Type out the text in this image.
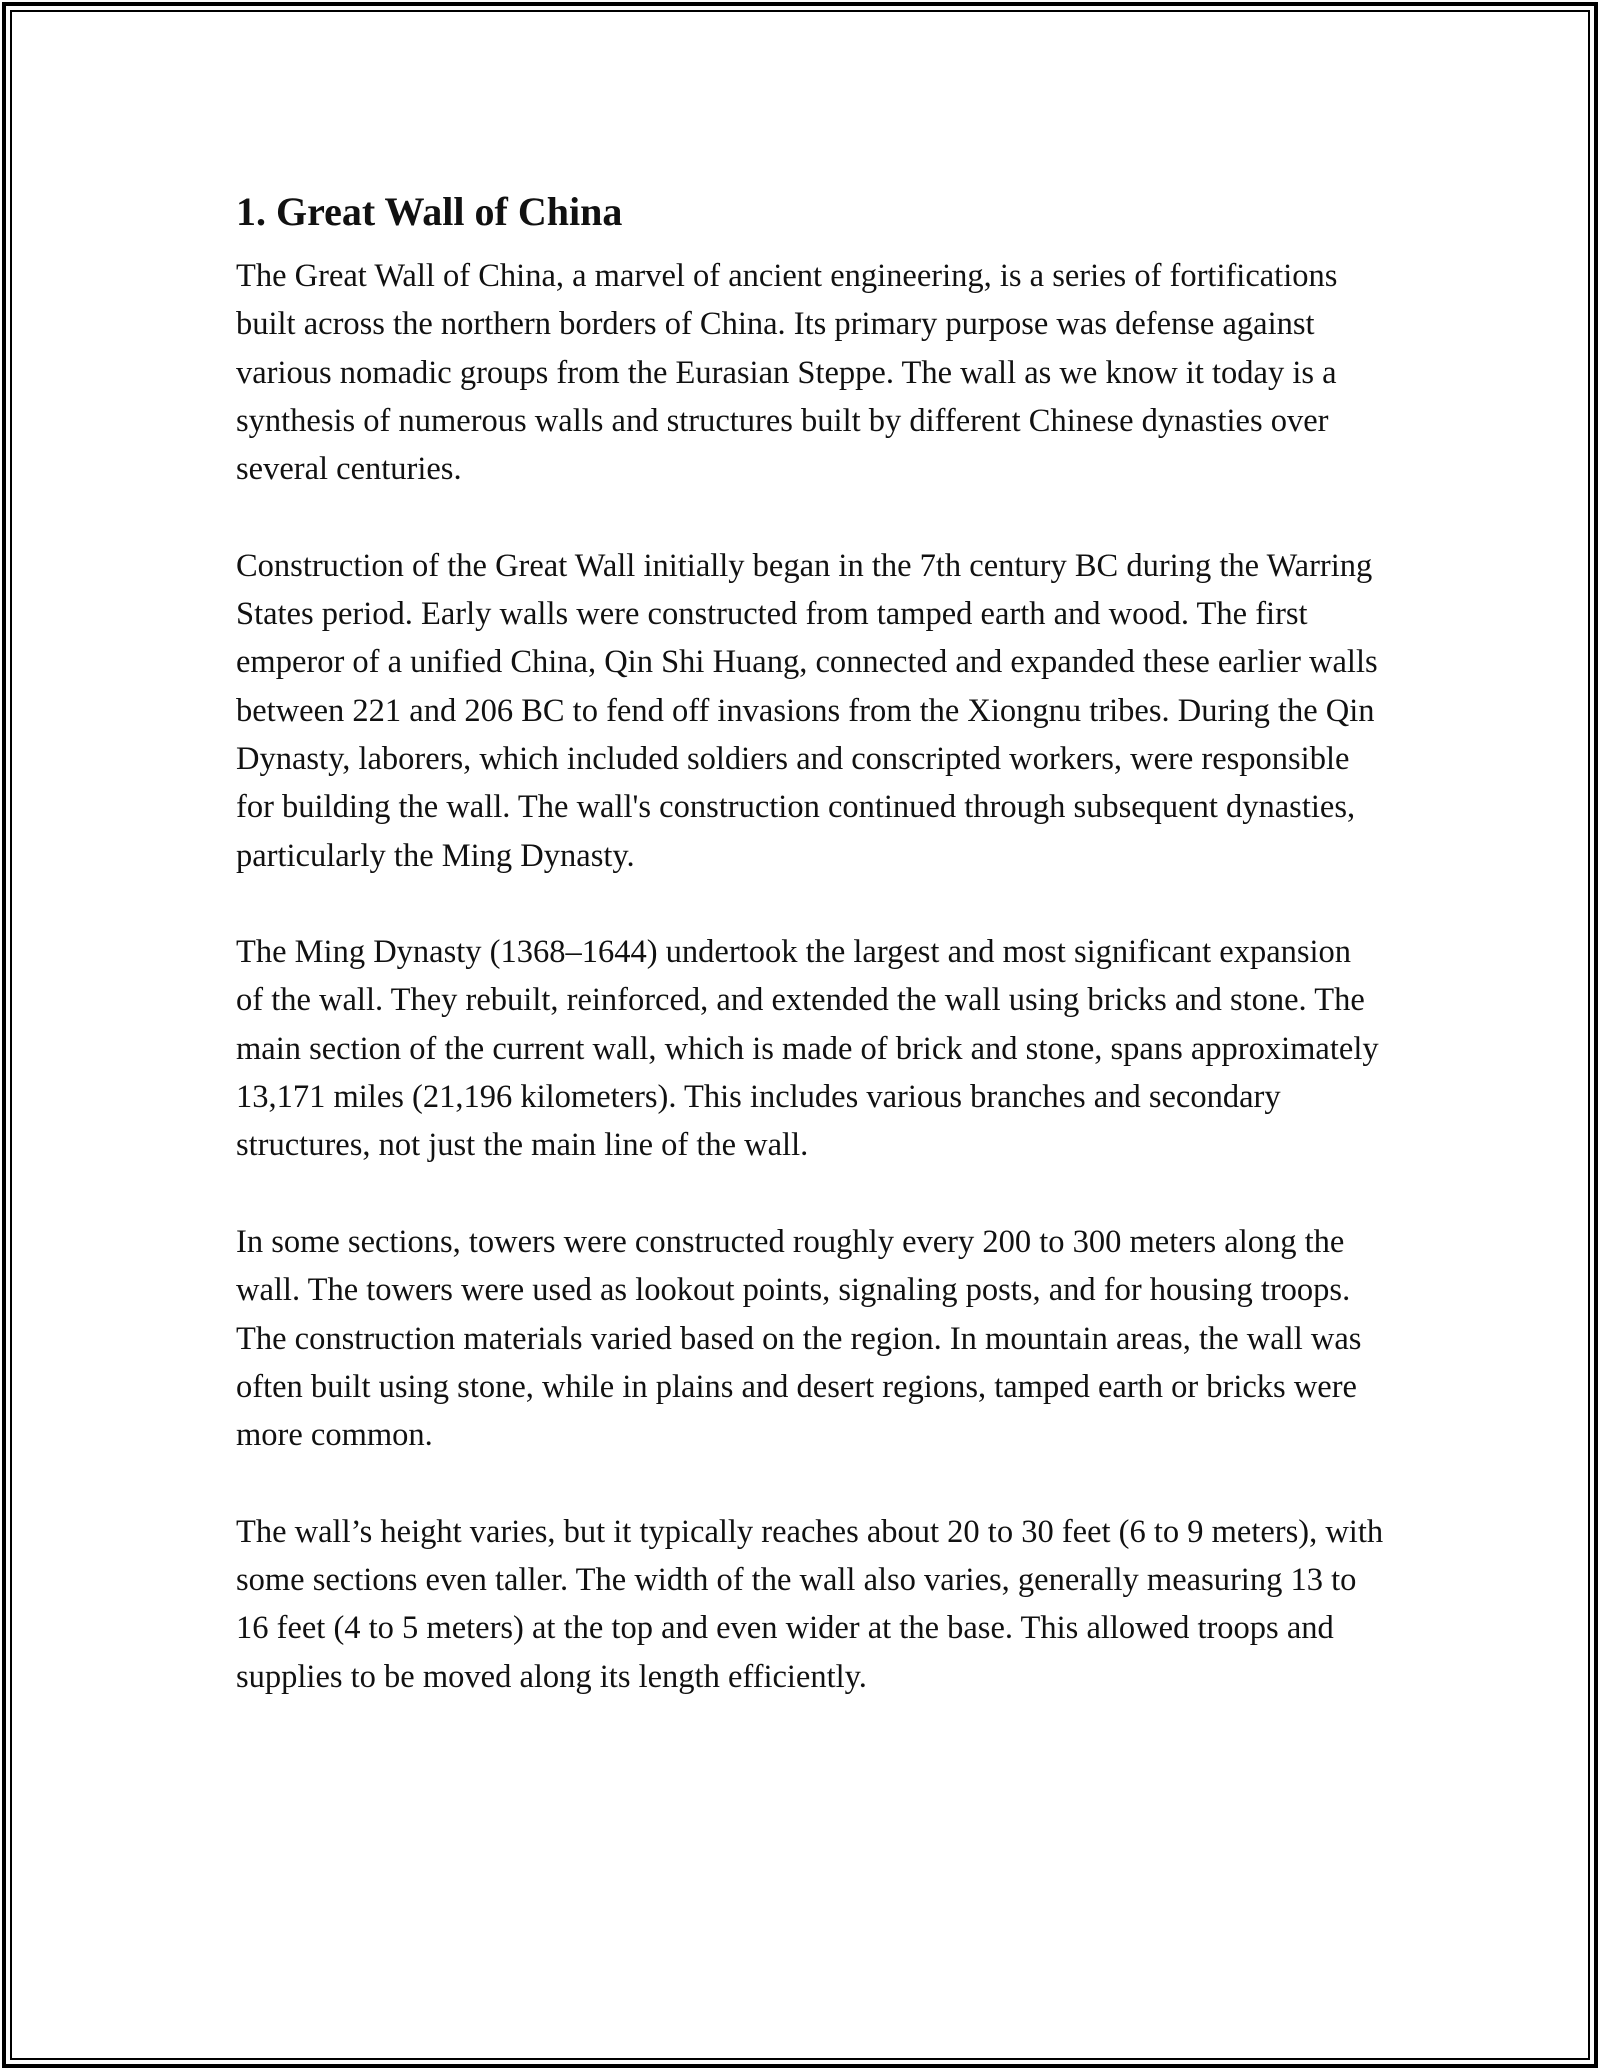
1. Great Wall of China

The Great Wall of China, a marvel of ancient engineering, is a series of fortifications built across the northern borders of China. Its primary purpose was defense against various nomadic groups from the Eurasian Steppe. The wall as we know it today is a synthesis of numerous walls and structures built by different Chinese dynasties over several centuries.

Construction of the Great Wall initially began in the 7th century BC during the Warring States period. Early walls were constructed from tamped earth and wood. The first emperor of a unified China, Qin Shi Huang, connected and expanded these earlier walls between 221 and 206 BC to fend off invasions from the Xiongnu tribes. During the Qin Dynasty, laborers, which included soldiers and conscripted workers, were responsible for building the wall. The wall's construction continued through subsequent dynasties, particularly the Ming Dynasty.

The Ming Dynasty (1368–1644) undertook the largest and most significant expansion of the wall. They rebuilt, reinforced, and extended the wall using bricks and stone. The main section of the current wall, which is made of brick and stone, spans approximately 13,171 miles (21,196 kilometers). This includes various branches and secondary structures, not just the main line of the wall.

In some sections, towers were constructed roughly every 200 to 300 meters along the wall. The towers were used as lookout points, signaling posts, and for housing troops. The construction materials varied based on the region. In mountain areas, the wall was often built using stone, while in plains and desert regions, tamped earth or bricks were more common.

The wall’s height varies, but it typically reaches about 20 to 30 feet (6 to 9 meters), with some sections even taller. The width of the wall also varies, generally measuring 13 to 16 feet (4 to 5 meters) at the top and even wider at the base. This allowed troops and supplies to be moved along its length efficiently.
